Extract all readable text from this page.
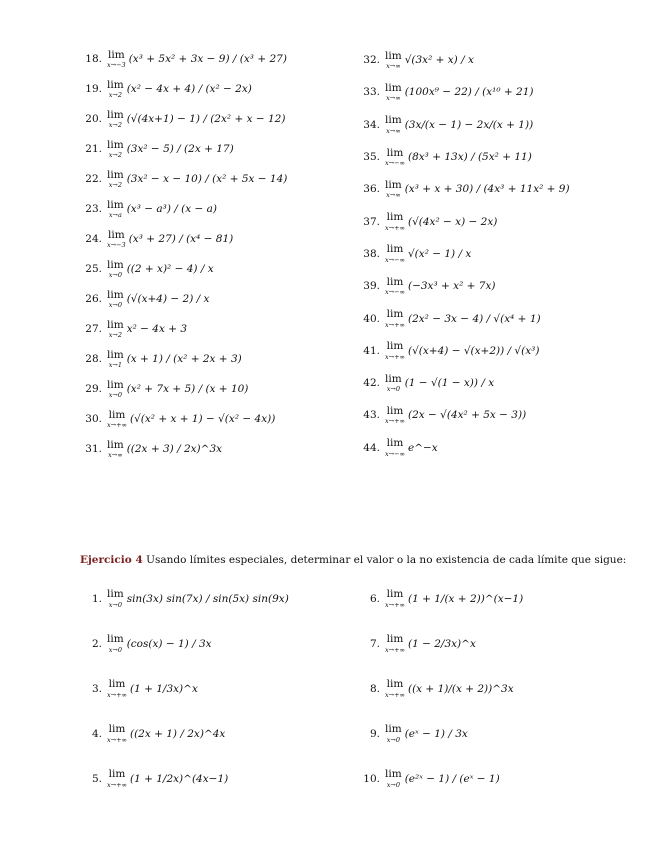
18. lim
x→−3 (x³ + 5x² + 3x − 9) / (x³ + 27)
19. lim
x→2 (x² − 4x + 4) / (x² − 2x)
20. lim
x→2 (√(4x+1) − 1) / (2x² + x − 12)
21. lim
x→2 (3x² − 5) / (2x + 17)
22. lim
x→2 (3x² − x − 10) / (x² + 5x − 14)
23. lim
x→a (x³ − a³) / (x − a)
24. lim
x→−3 (x³ + 27) / (x⁴ − 81)
25. lim
x→0 ((2 + x)² − 4) / x
26. lim
x→0 (√(x+4) − 2) / x
27. lim
x→2 x² − 4x + 3
28. lim
x→1 (x + 1) / (x² + 2x + 3)
29. lim
x→0 (x² + 7x + 5) / (x + 10)
30. lim
x→+∞ (√(x² + x + 1) − √(x² − 4x))
31. lim
x→∞ ((2x + 3) / 2x)^3x
32. lim
x→∞ √(3x² + x) / x
33. lim
x→∞ (100x⁹ − 22) / (x¹⁰ + 21)
34. lim
x→∞ (3x/(x − 1) − 2x/(x + 1))
35. lim
x→−∞ (8x³ + 13x) / (5x² + 11)
36. lim
x→∞ (x³ + x + 30) / (4x³ + 11x² + 9)
37. lim
x→+∞ (√(4x² − x) − 2x)
38. lim
x→−∞ √(x² − 1) / x
39. lim
x→−∞ (−3x³ + x² + 7x)
40. lim
x→+∞ (2x² − 3x − 4) / √(x⁴ + 1)
41. lim
x→+∞ (√(x+4) − √(x+2)) / √(x³)
42. lim
x→0 (1 − √(1 − x)) / x
43. lim
x→+∞ (2x − √(4x² + 5x − 3))
44. lim
x→−∞ e^−x
Ejercicio 4 Usando límites especiales, determinar el valor o la no existencia de cada límite que sigue:
1. lim
x→0 sin(3x) sin(7x) / sin(5x) sin(9x)
2. lim
x→0 (cos(x) − 1) / 3x
3. lim
x→+∞ (1 + 1/3x)^x
4. lim
x→+∞ ((2x + 1) / 2x)^4x
5. lim
x→+∞ (1 + 1/2x)^(4x−1)
6. lim
x→+∞ (1 + 1/(x + 2))^(x−1)
7. lim
x→+∞ (1 − 2/3x)^x
8. lim
x→+∞ ((x + 1)/(x + 2))^3x
9. lim
x→0 (eˣ − 1) / 3x
10. lim
x→0 (e²ˣ − 1) / (eˣ − 1)
